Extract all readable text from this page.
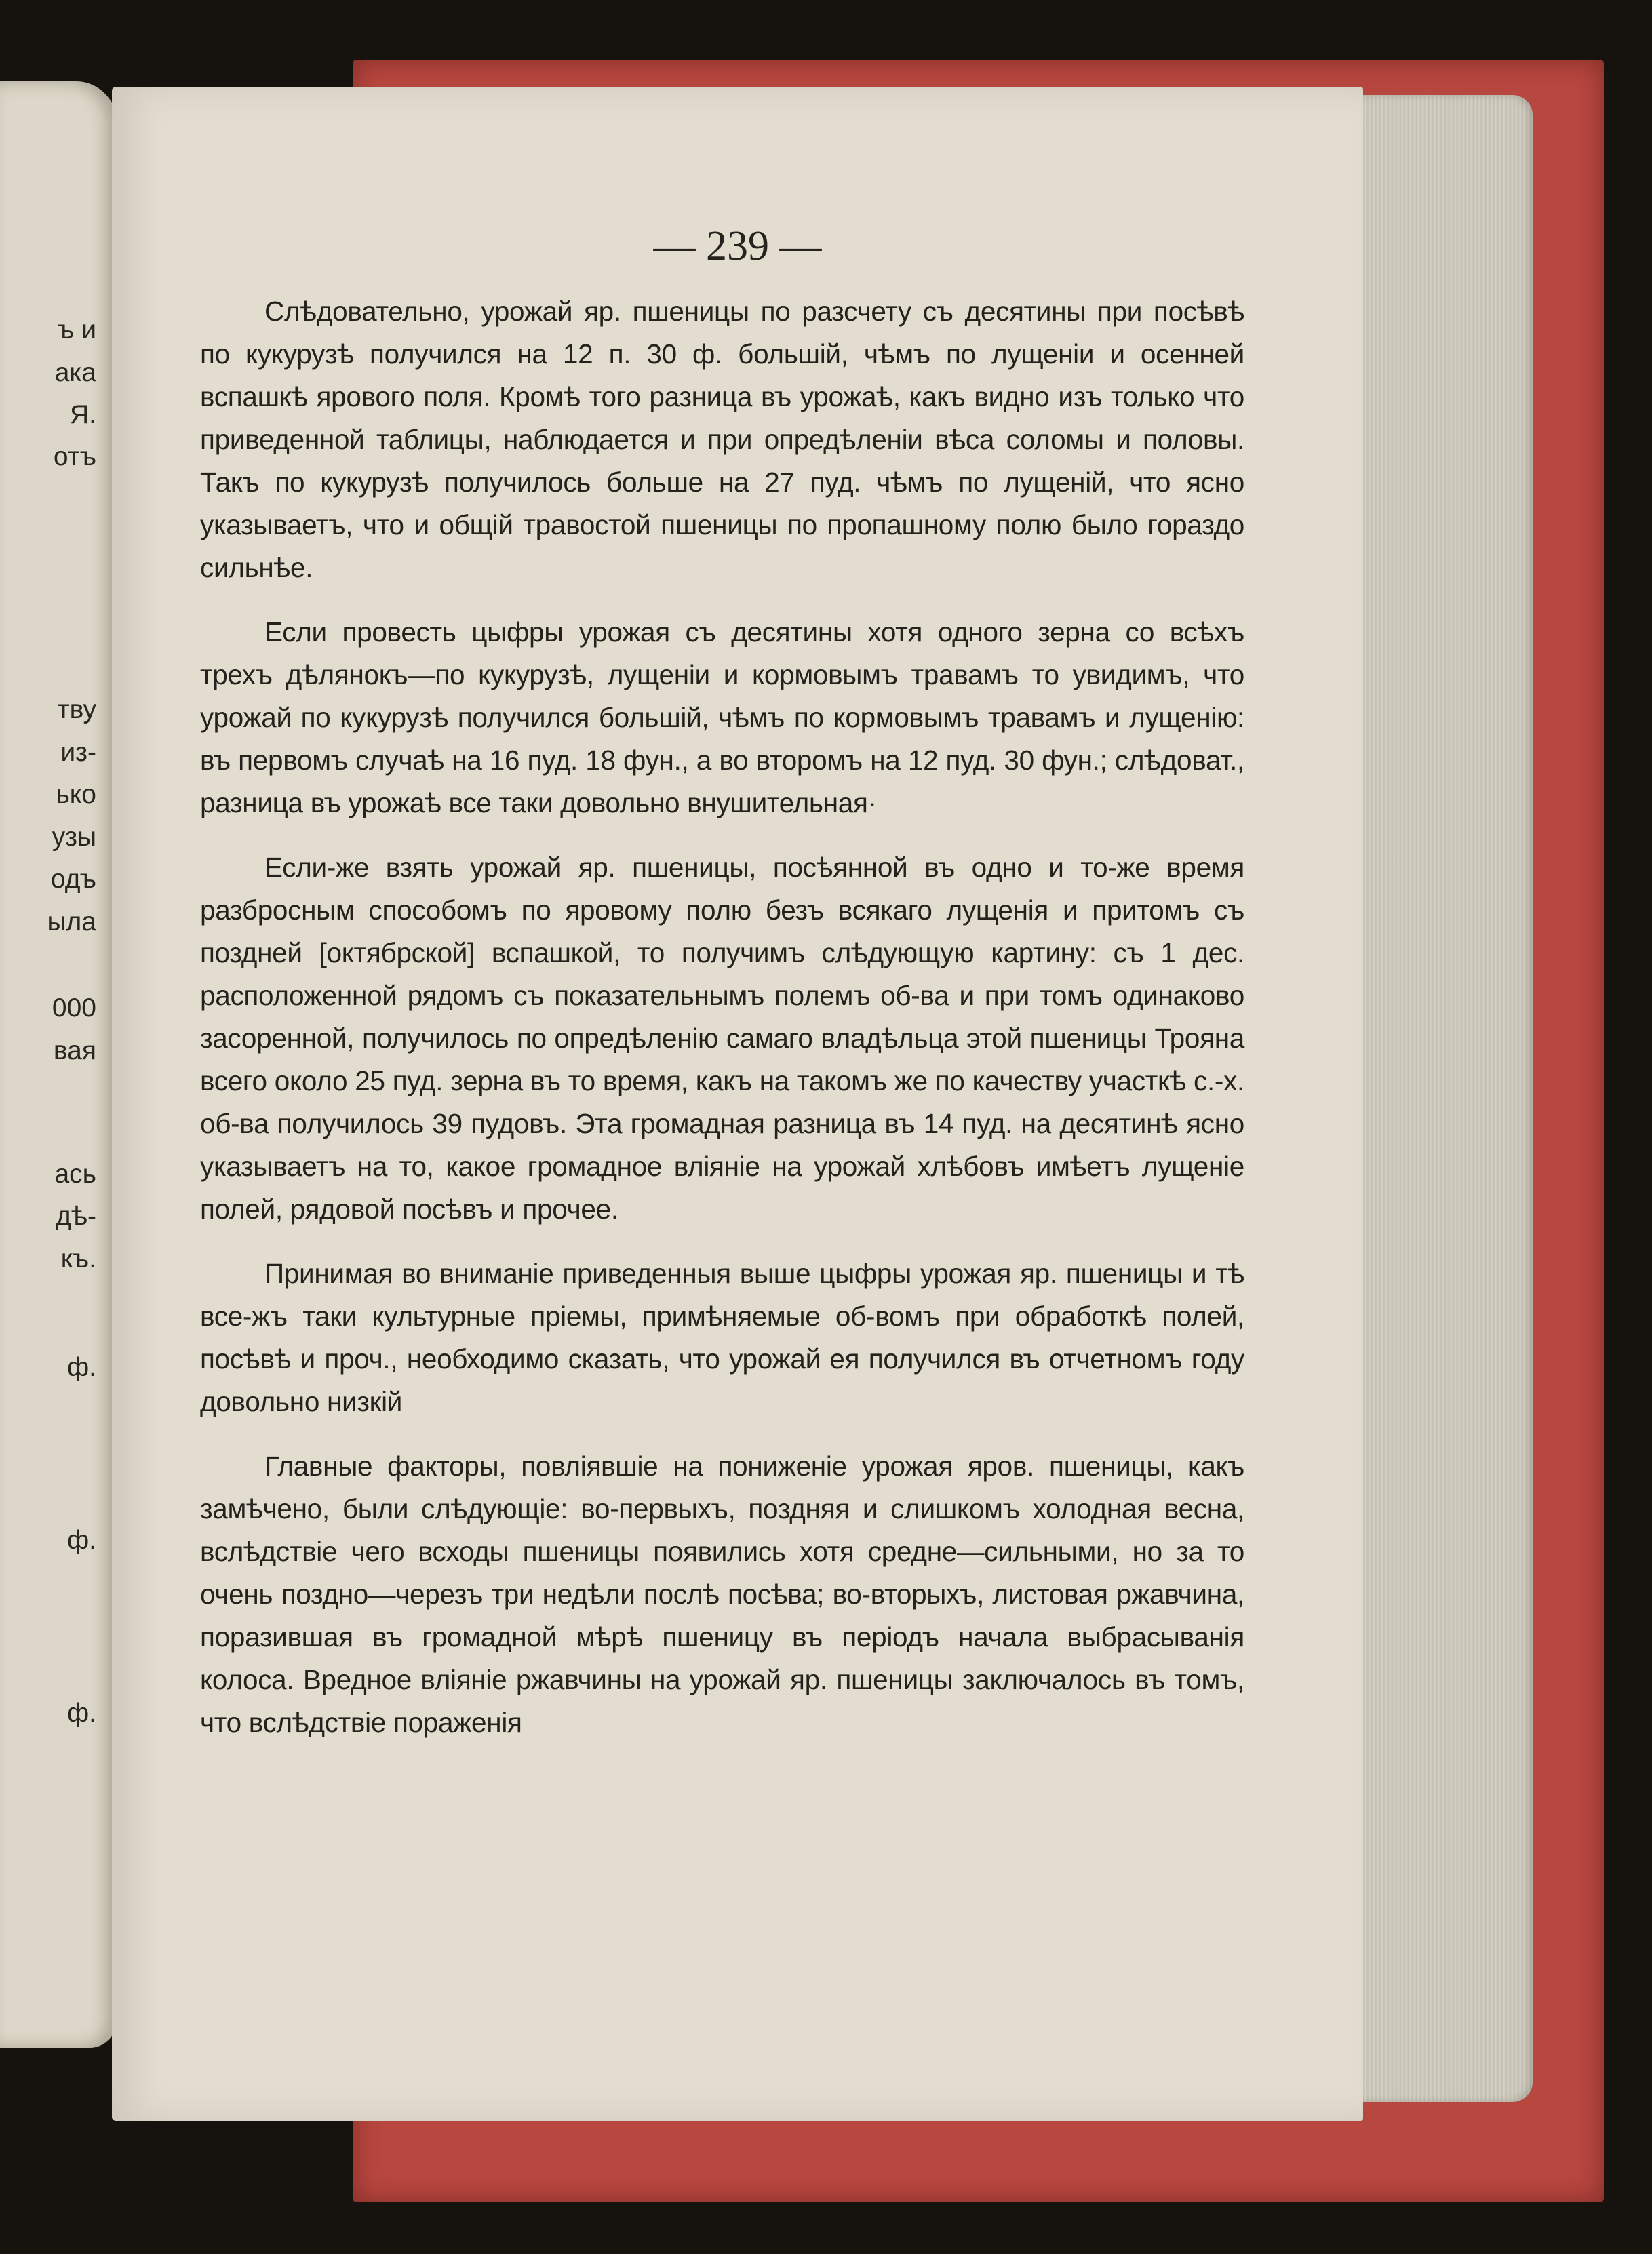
ъ и

ака

Я.

отъ

тву

из-

ько

узы

одъ

ыла

000

вая

ась

дѣ-

къ.

ф.

ф.

ф.

— 239 —

Слѣдовательно, урожай яр. пшеницы по разсчету съ десятины при посѣвѣ по кукурузѣ получился на 12 п. 30 ф. большій, чѣмъ по лущеніи и осенней вспашкѣ ярового поля. Кромѣ того разница въ урожаѣ, какъ видно изъ только что приведенной таблицы, наблюдается и при опредѣленіи вѣса соломы и половы. Такъ по кукурузѣ получилось больше на 27 пуд. чѣмъ по лущеній, что ясно указываетъ, что и общій травостой пшеницы по пропашному полю было гораздо сильнѣе.

Если провесть цыфры урожая съ десятины хотя одного зерна со всѣхъ трехъ дѣлянокъ—по кукурузѣ, лущеніи и кормовымъ травамъ то увидимъ, что урожай по кукурузѣ получился большій, чѣмъ по кормовымъ травамъ и лущенію: въ первомъ случаѣ на 16 пуд. 18 фун., а во второмъ на 12 пуд. 30 фун.; слѣдоват., разница въ урожаѣ все таки довольно внушительная·

Если-же взять урожай яр. пшеницы, посѣянной въ одно и то-же время разбросным способомъ по яровому полю безъ всякаго лущенія и притомъ съ поздней [октябрской] вспашкой, то получимъ слѣдующую картину: съ 1 дес. расположенной рядомъ съ показательнымъ полемъ об-ва и при томъ одинаково засоренной, получилось по опредѣленію самаго владѣльца этой пшеницы Трояна всего около 25 пуд. зерна въ то время, какъ на такомъ же по качеству участкѣ с.-х. об-ва получилось 39 пудовъ. Эта громадная разница въ 14 пуд. на десятинѣ ясно указываетъ на то, какое громадное вліяніе на урожай хлѣбовъ имѣетъ лущеніе полей, рядовой посѣвъ и прочее.

Принимая во вниманіе приведенныя выше цыфры урожая яр. пшеницы и тѣ все-жъ таки культурные пріемы, примѣняемые об-вомъ при обработкѣ полей, посѣвѣ и проч., необходимо сказать, что урожай ея получился въ отчетномъ году довольно низкій

Главные факторы, повліявшіе на пониженіе урожая яров. пшеницы, какъ замѣчено, были слѣдующіе: во-первыхъ, поздняя и слишкомъ холодная весна, вслѣдствіе чего всходы пшеницы появились хотя средне—сильными, но за то очень поздно—черезъ три недѣли послѣ посѣва; во-вторыхъ, листовая ржавчина, поразившая въ громадной мѣрѣ пшеницу въ періодъ начала выбрасыванія колоса. Вредное вліяніе ржавчины на урожай яр. пшеницы заключалось въ томъ, что вслѣдствіе пораженія
